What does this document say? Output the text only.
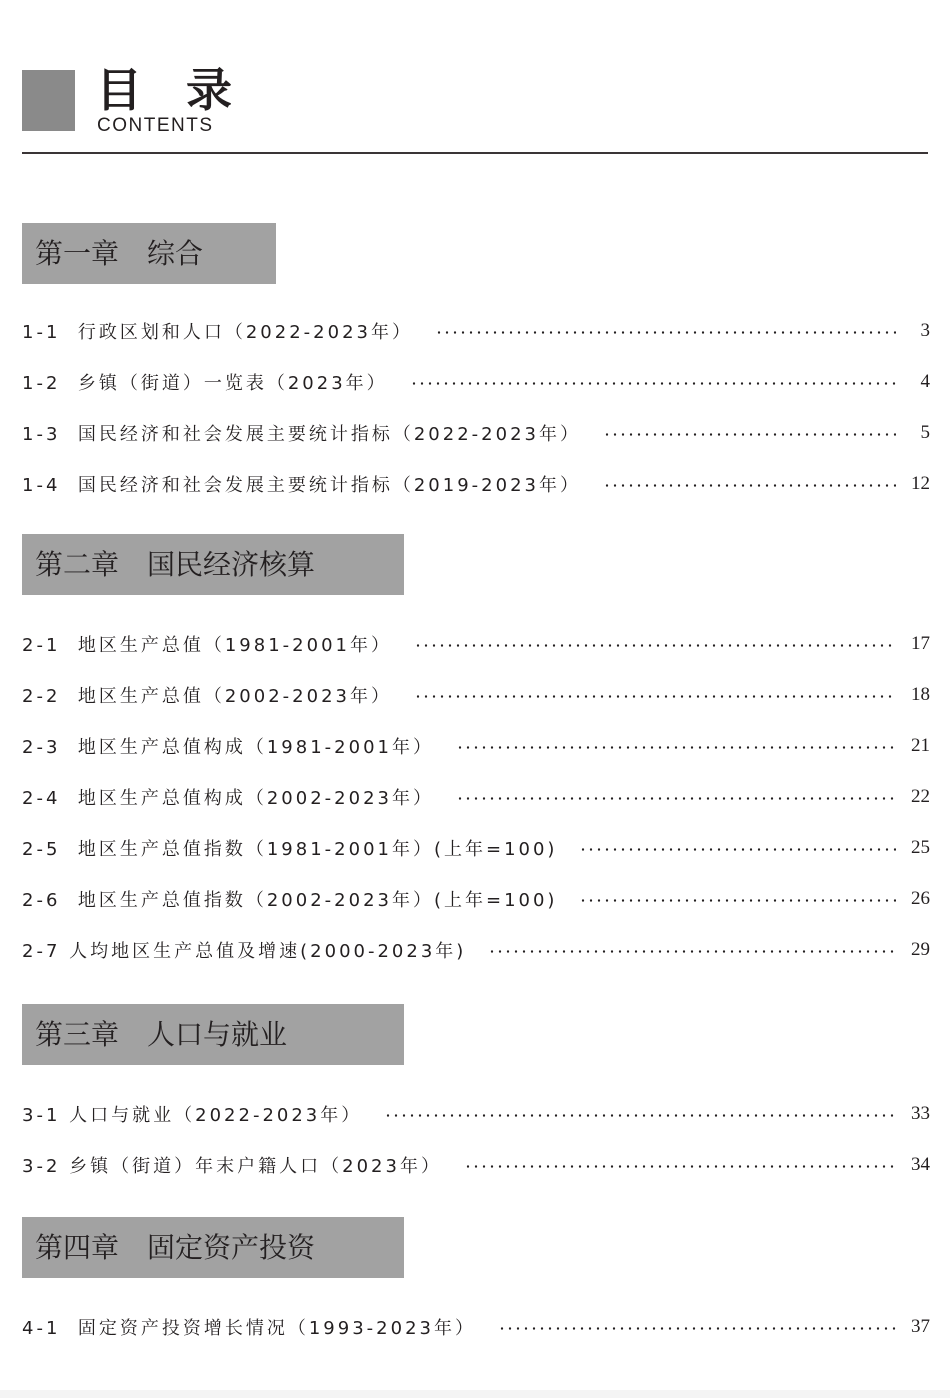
目录
CONTENTS
第一章　综合
1-1 行政区划和人口（2022-2023年）	3
1-2 乡镇（街道）一览表（2023年）	4
1-3 国民经济和社会发展主要统计指标（2022-2023年）	5
1-4 国民经济和社会发展主要统计指标（2019-2023年）	12
第二章　国民经济核算
2-1 地区生产总值（1981-2001年）	17
2-2 地区生产总值（2002-2023年）	18
2-3 地区生产总值构成（1981-2001年）	21
2-4 地区生产总值构成（2002-2023年）	22
2-5 地区生产总值指数（1981-2001年）(上年=100)	25
2-6 地区生产总值指数（2002-2023年）(上年=100)	26
2-7 人均地区生产总值及增速(2000-2023年)	29
第三章　人口与就业
3-1 人口与就业（2022-2023年）	33
3-2 乡镇（街道）年末户籍人口（2023年）	34
第四章　固定资产投资
4-1 固定资产投资增长情况（1993-2023年）	37
